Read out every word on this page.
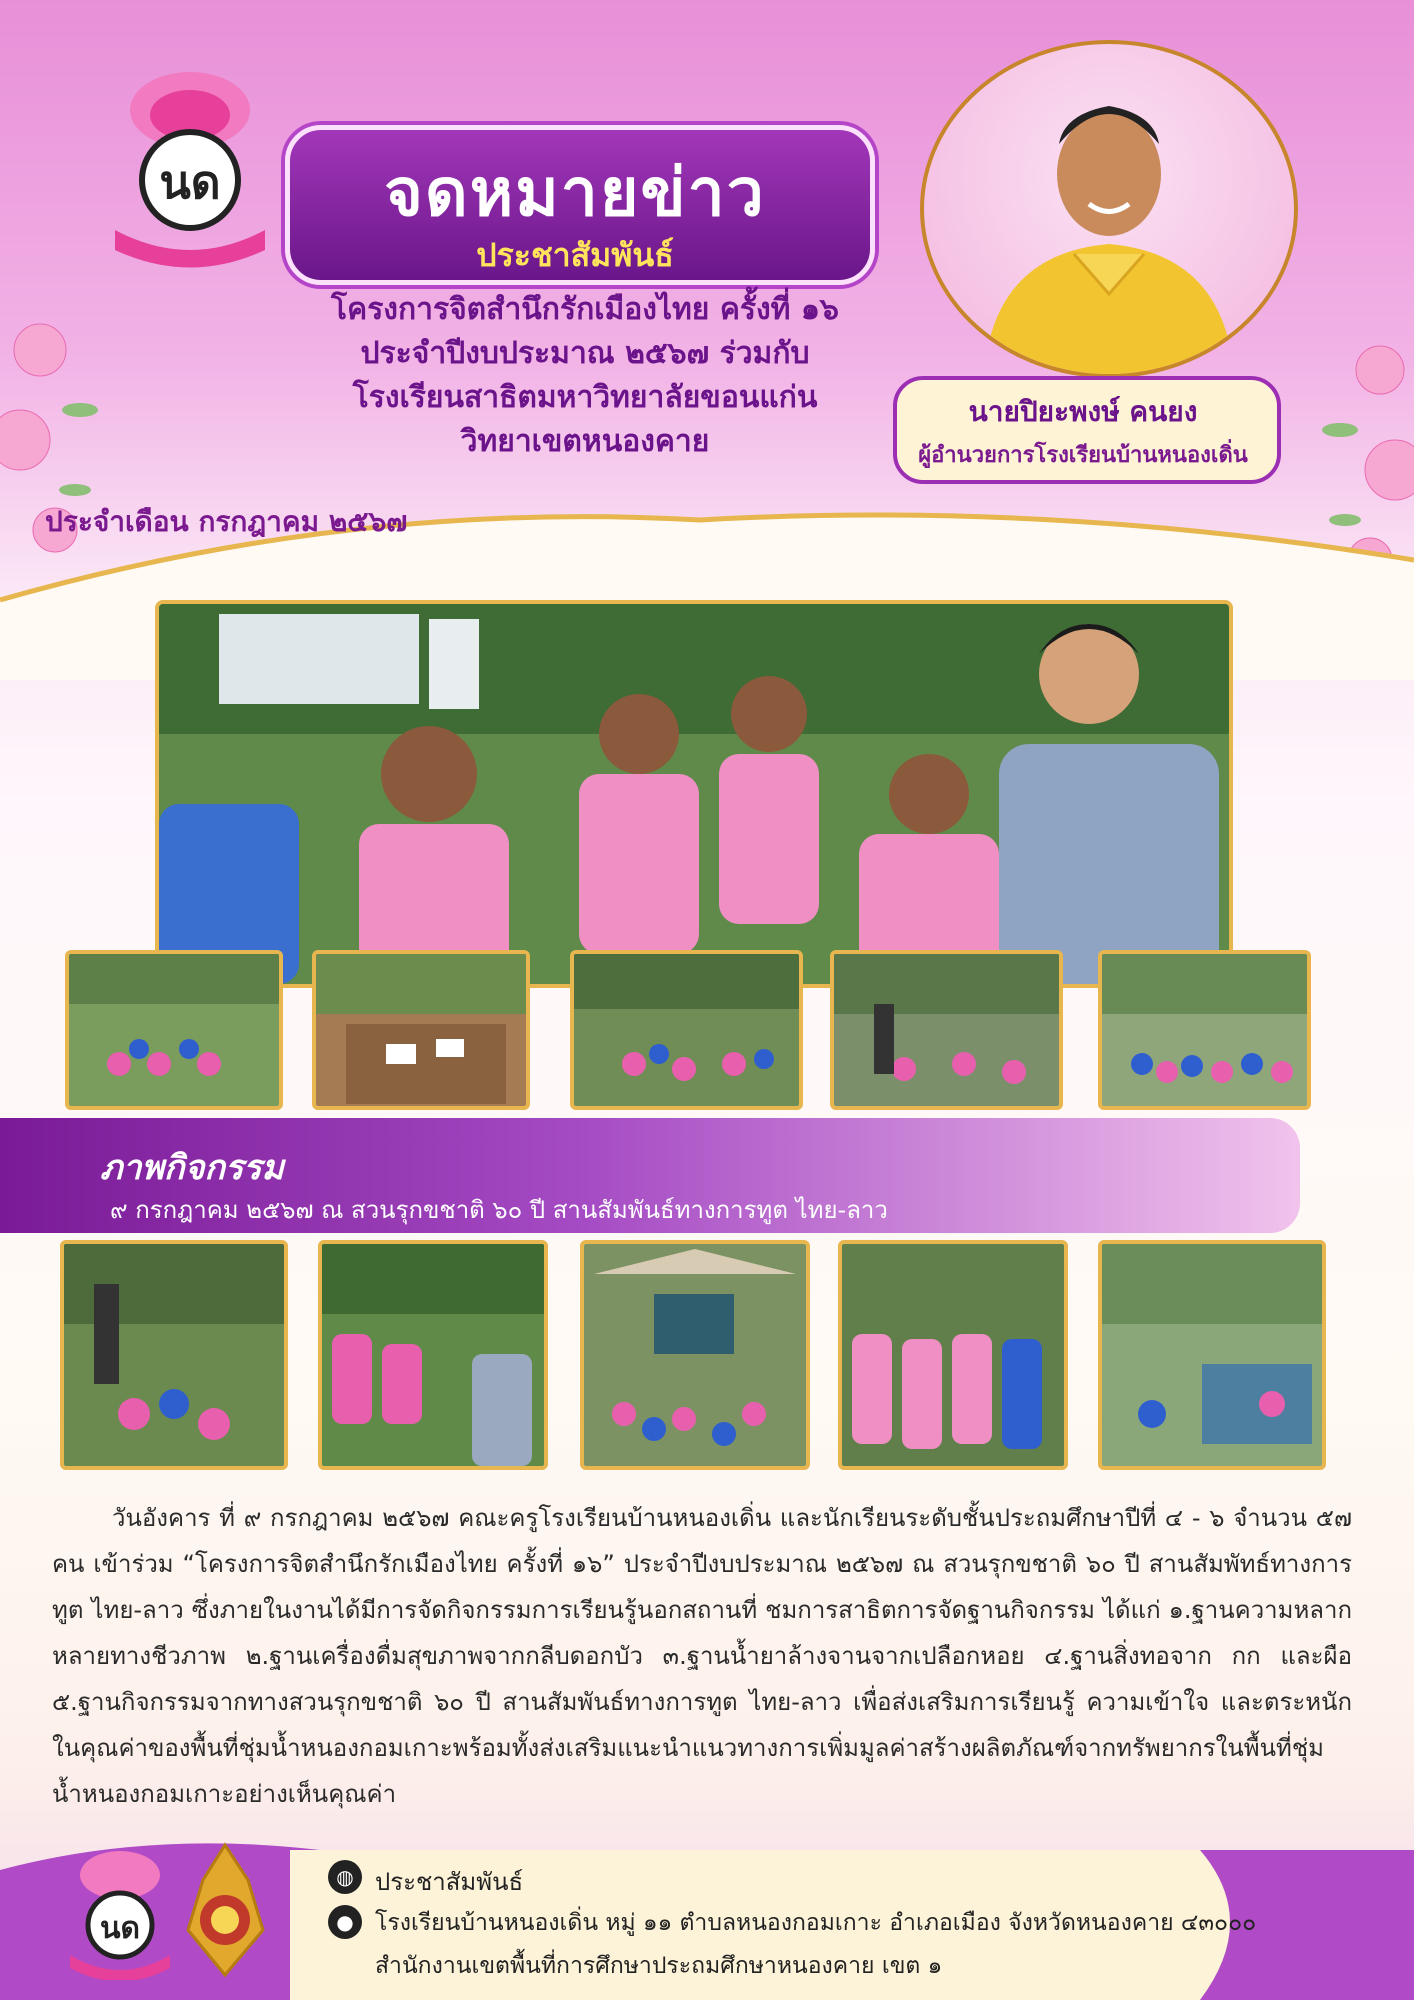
นด	จดหมายข่าว
ประชาสัมพันธ์
โครงการจิตสำนึกรักเมืองไทย ครั้งที่ ๑๖
ประจำปีงบประมาณ ๒๕๖๗ ร่วมกับ
โรงเรียนสาธิตมหาวิทยาลัยขอนแก่น
วิทยาเขตหนองคาย
นายปิยะพงษ์ คนยง
ผู้อำนวยการโรงเรียนบ้านหนองเดิ่น
ประจำเดือน กรกฎาคม ๒๕๖๗
ภาพกิจกรรม
๙ กรกฎาคม ๒๕๖๗ ณ สวนรุกขชาติ ๖๐ ปี สานสัมพันธ์ทางการทูต ไทย-ลาว
วันอังคาร ที่ ๙ กรกฎาคม ๒๕๖๗ คณะครูโรงเรียนบ้านหนองเดิ่น และนักเรียนระดับชั้นประถมศึกษาปีที่ ๔ - ๖ จำนวน ๕๗ คน เข้าร่วม “โครงการจิตสำนึกรักเมืองไทย ครั้งที่ ๑๖” ประจำปีงบประมาณ ๒๕๖๗ ณ สวนรุกขชาติ ๖๐ ปี สานสัมพัทธ์ทางการทูต ไทย-ลาว ซึ่งภายในงานได้มีการจัดกิจกรรมการเรียนรู้นอกสถานที่ ชมการสาธิตการจัดฐานกิจกรรม ได้แก่ ๑.ฐานความหลากหลายทางชีวภาพ ๒.ฐานเครื่องดื่มสุขภาพจากกลีบดอกบัว ๓.ฐานน้ำยาล้างจานจากเปลือกหอย ๔.ฐานสิ่งทอจาก กก และผือ ๕.ฐานกิจกรรมจากทางสวนรุกขชาติ ๖๐ ปี สานสัมพันธ์ทางการทูต ไทย-ลาว เพื่อส่งเสริมการเรียนรู้ ความเข้าใจ และตระหนักในคุณค่าของพื้นที่ชุ่มน้ำหนองกอมเกาะพร้อมทั้งส่งเสริมแนะนำแนวทางการเพิ่มมูลค่าสร้างผลิตภัณฑ์จากทรัพยากรในพื้นที่ชุ่มน้ำหนองกอมเกาะอย่างเห็นคุณค่า
นด
◍ ประชาสัมพันธ์
● โรงเรียนบ้านหนองเดิ่น หมู่ ๑๑ ตำบลหนองกอมเกาะ อำเภอเมือง จังหวัดหนองคาย ๔๓๐๐๐
สำนักงานเขตพื้นที่การศึกษาประถมศึกษาหนองคาย เขต ๑
